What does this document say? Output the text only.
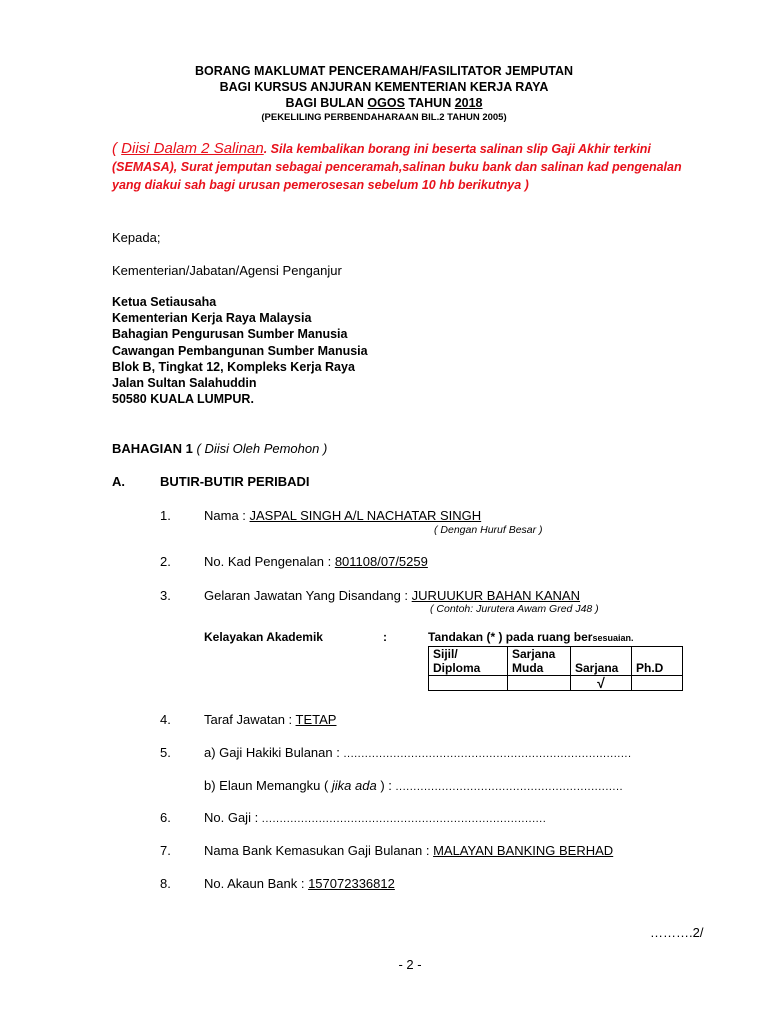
BORANG MAKLUMAT PENCERAMAH/FASILITATOR JEMPUTAN
BAGI KURSUS ANJURAN KEMENTERIAN KERJA RAYA
BAGI BULAN OGOS TAHUN 2018
(PEKELILING PERBENDAHARAAN BIL.2 TAHUN 2005)
( Diisi Dalam 2 Salinan. Sila kembalikan borang ini beserta salinan slip Gaji Akhir terkini (SEMASA), Surat jemputan sebagai penceramah,salinan buku bank dan salinan kad pengenalan yang diakui sah bagi urusan pemerosesan sebelum 10 hb berikutnya )
Kepada;
Kementerian/Jabatan/Agensi Penganjur
Ketua Setiausaha
Kementerian Kerja Raya Malaysia
Bahagian Pengurusan Sumber Manusia
Cawangan Pembangunan Sumber Manusia
Blok B, Tingkat 12, Kompleks Kerja Raya
Jalan Sultan Salahuddin
50580 KUALA LUMPUR.
BAHAGIAN 1 ( Diisi Oleh Pemohon )
A.	BUTIR-BUTIR PERIBADI
1.	Nama : JASPAL SINGH A/L NACHATAR SINGH
( Dengan Huruf Besar )
2.	No. Kad Pengenalan : 801108/07/5259
3.	Gelaran Jawatan Yang Disandang : JURUUKUR BAHAN KANAN
( Contoh: Jurutera Awam Gred J48 )
Kelayakan Akademik	:	Tandakan (* ) pada ruang bersesuaian.
Sijil/ Diploma	Sarjana Muda	Sarjana	Ph.D
		√	
4.	Taraf Jawatan : TETAP
5.	a) Gaji Hakiki Bulanan : .................................................................................
b) Elaun Memangku ( jika ada ) : ................................................................
6.	No. Gaji : ................................................................................
7.	Nama Bank Kemasukan Gaji Bulanan : MALAYAN BANKING BERHAD
8.	No. Akaun Bank : 157072336812
……….2/
- 2 -
